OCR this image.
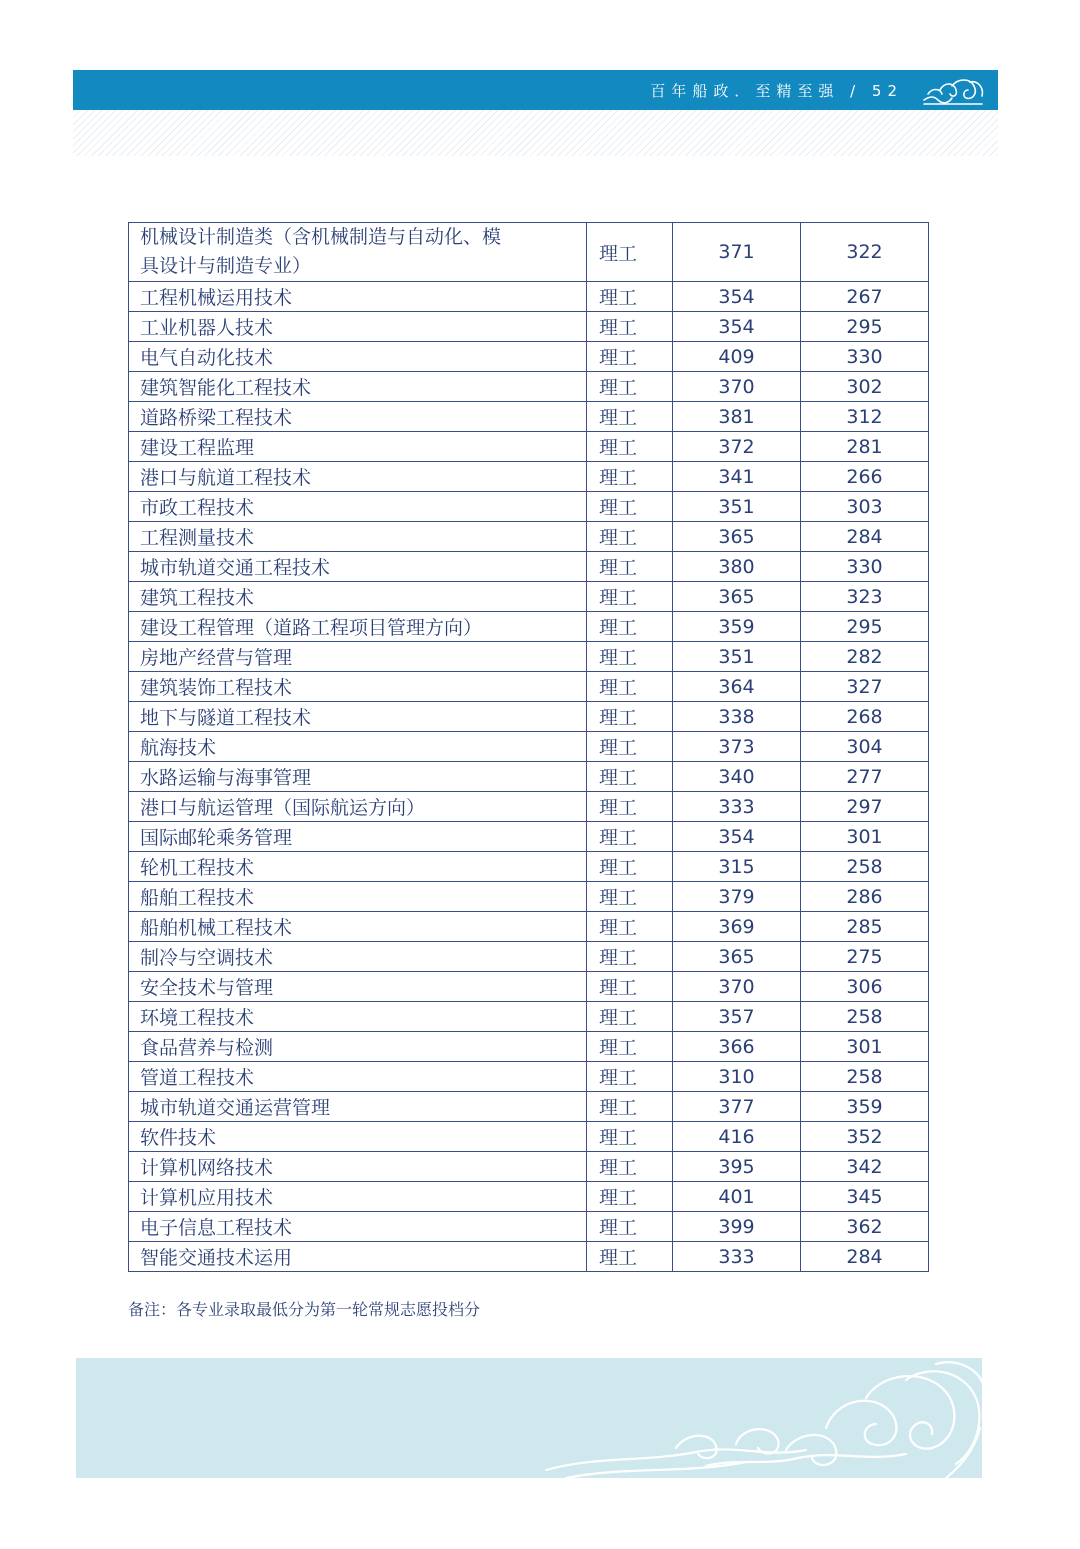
百年船政．至精至强 / 52
机械设计制造类（含机械制造与自动化、模
具设计与制造专业）	理工	371	322
工程机械运用技术	理工	354	267
工业机器人技术	理工	354	295
电气自动化技术	理工	409	330
建筑智能化工程技术	理工	370	302
道路桥梁工程技术	理工	381	312
建设工程监理	理工	372	281
港口与航道工程技术	理工	341	266
市政工程技术	理工	351	303
工程测量技术	理工	365	284
城市轨道交通工程技术	理工	380	330
建筑工程技术	理工	365	323
建设工程管理（道路工程项目管理方向）	理工	359	295
房地产经营与管理	理工	351	282
建筑装饰工程技术	理工	364	327
地下与隧道工程技术	理工	338	268
航海技术	理工	373	304
水路运输与海事管理	理工	340	277
港口与航运管理（国际航运方向）	理工	333	297
国际邮轮乘务管理	理工	354	301
轮机工程技术	理工	315	258
船舶工程技术	理工	379	286
船舶机械工程技术	理工	369	285
制冷与空调技术	理工	365	275
安全技术与管理	理工	370	306
环境工程技术	理工	357	258
食品营养与检测	理工	366	301
管道工程技术	理工	310	258
城市轨道交通运营管理	理工	377	359
软件技术	理工	416	352
计算机网络技术	理工	395	342
计算机应用技术	理工	401	345
电子信息工程技术	理工	399	362
智能交通技术运用	理工	333	284
备注：各专业录取最低分为第一轮常规志愿投档分
